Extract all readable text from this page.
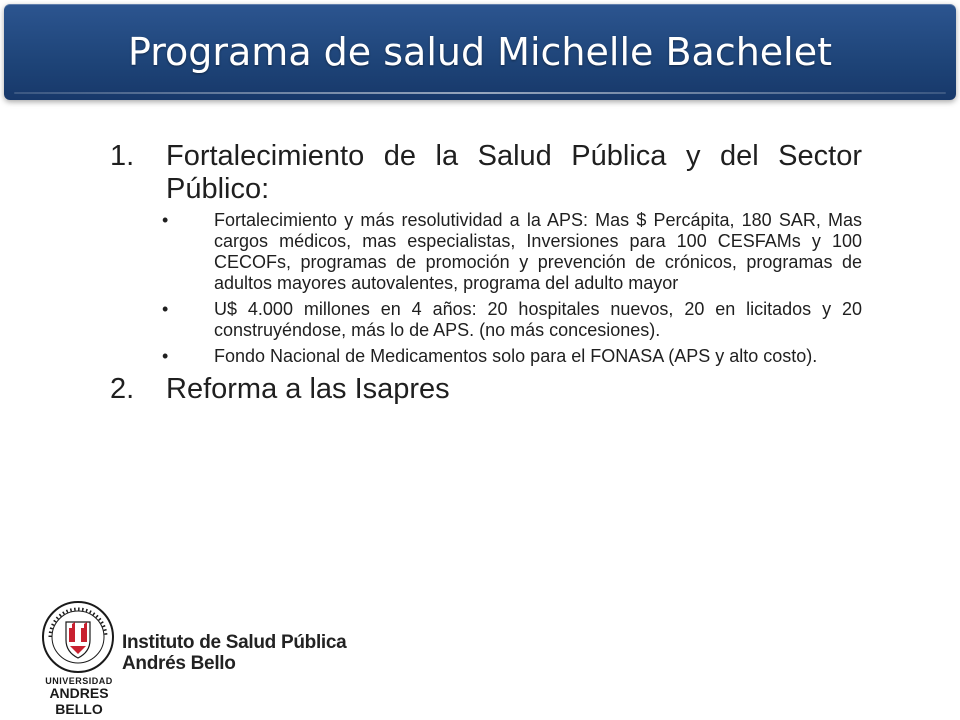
Programa de salud Michelle Bachelet
1.	Fortalecimiento de la Salud Pública y del Sector Público:
•	Fortalecimiento y más resolutividad a la APS: Mas $ Percápita, 180 SAR, Mas cargos médicos, mas especialistas, Inversiones para 100 CESFAMs y 100 CECOFs, programas de promoción y prevención de crónicos, programas de adultos mayores autovalentes, programa del adulto mayor
•	U$ 4.000 millones en 4 años: 20 hospitales nuevos, 20 en licitados y 20 construyéndose, más lo de APS. (no más concesiones).
•	Fondo Nacional de Medicamentos solo para el FONASA (APS y alto costo).
2.	Reforma a las Isapres
UNIVERSIDAD
ANDRES BELLO
Instituto de Salud Pública
Andrés Bello
